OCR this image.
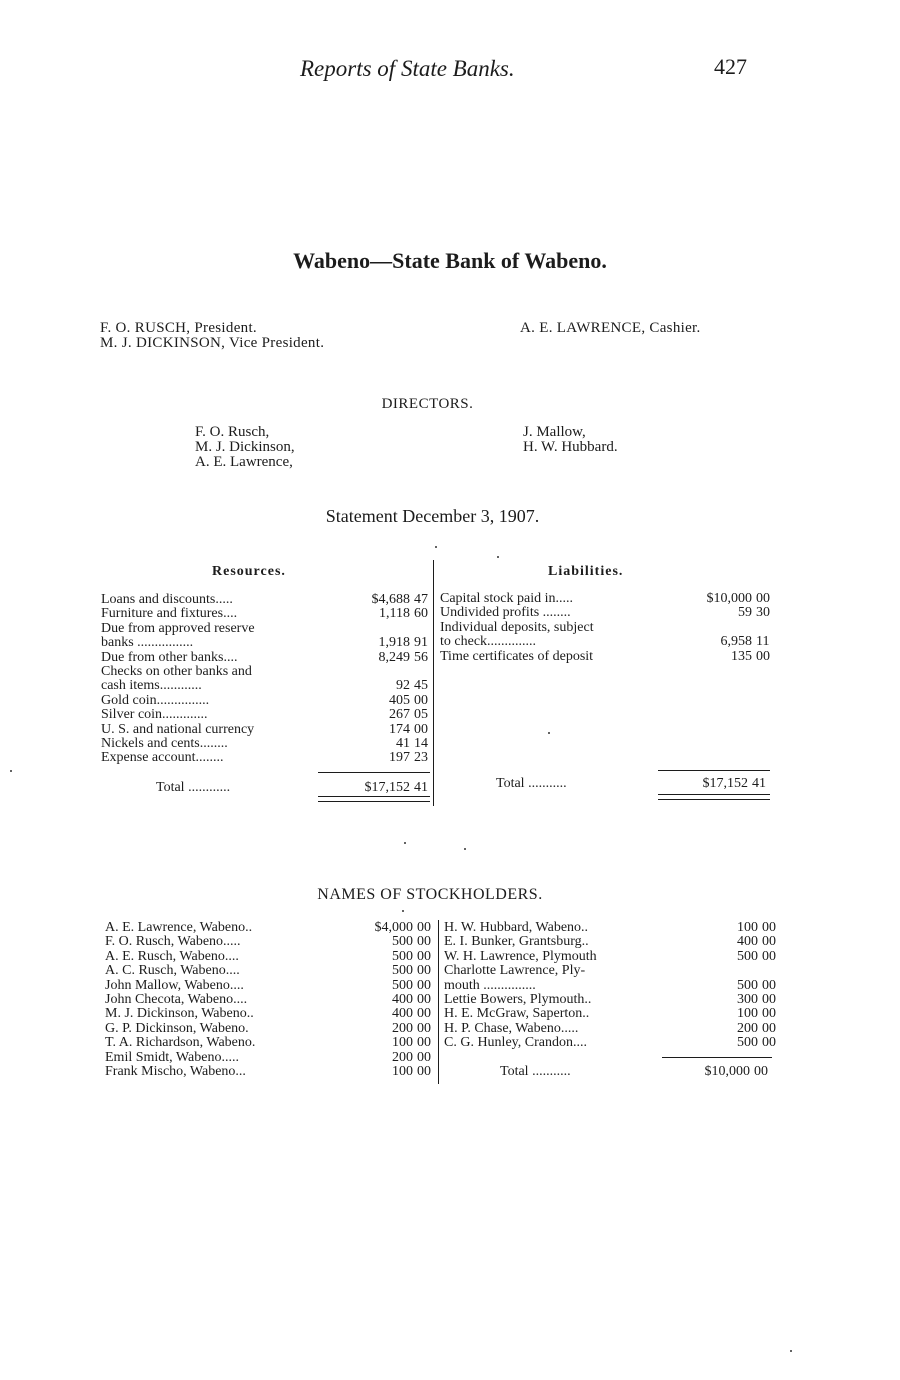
Reports of State Banks.	427
Wabeno—State Bank of Wabeno.
F. O. RUSCH, President.
M. J. DICKINSON, Vice President.
A. E. LAWRENCE, Cashier.
DIRECTORS.
F. O. Rusch,
M. J. Dickinson,
A. E. Lawrence,
J. Mallow,
H. W. Hubbard.
Statement December 3, 1907.
Resources.	Liabilities.
Loans and discounts.....	$4,688 47
Furniture and fixtures....	1,118 60
Due from approved reserve
banks ................	1,918 91
Due from other banks....	8,249 56
Checks on other banks and
cash items............	92 45
Gold coin...............	405 00
Silver coin.............	267 05
U. S. and national currency	174 00
Nickels and cents........	41 14
Expense account........	197 23
Capital stock paid in.....	$10,000 00
Undivided profits ........	59 30
Individual deposits, subject
to check..............	6,958 11
Time certificates of deposit	135 00
Total ............	$17,152 41	Total ...........	$17,152 41
NAMES OF STOCKHOLDERS.
A. E. Lawrence, Wabeno..	$4,000 00
F. O. Rusch, Wabeno.....	500 00
A. E. Rusch, Wabeno....	500 00
A. C. Rusch, Wabeno....	500 00
John Mallow, Wabeno....	500 00
John Checota, Wabeno....	400 00
M. J. Dickinson, Wabeno..	400 00
G. P. Dickinson, Wabeno.	200 00
T. A. Richardson, Wabeno.	100 00
Emil Smidt, Wabeno.....	200 00
Frank Mischo, Wabeno...	100 00
H. W. Hubbard, Wabeno..	100 00
E. I. Bunker, Grantsburg..	400 00
W. H. Lawrence, Plymouth	500 00
Charlotte Lawrence, Ply-
mouth ...............	500 00
Lettie Bowers, Plymouth..	300 00
H. E. McGraw, Saperton..	100 00
H. P. Chase, Wabeno.....	200 00
C. G. Hunley, Crandon....	500 00
Total ...........	$10,000 00
